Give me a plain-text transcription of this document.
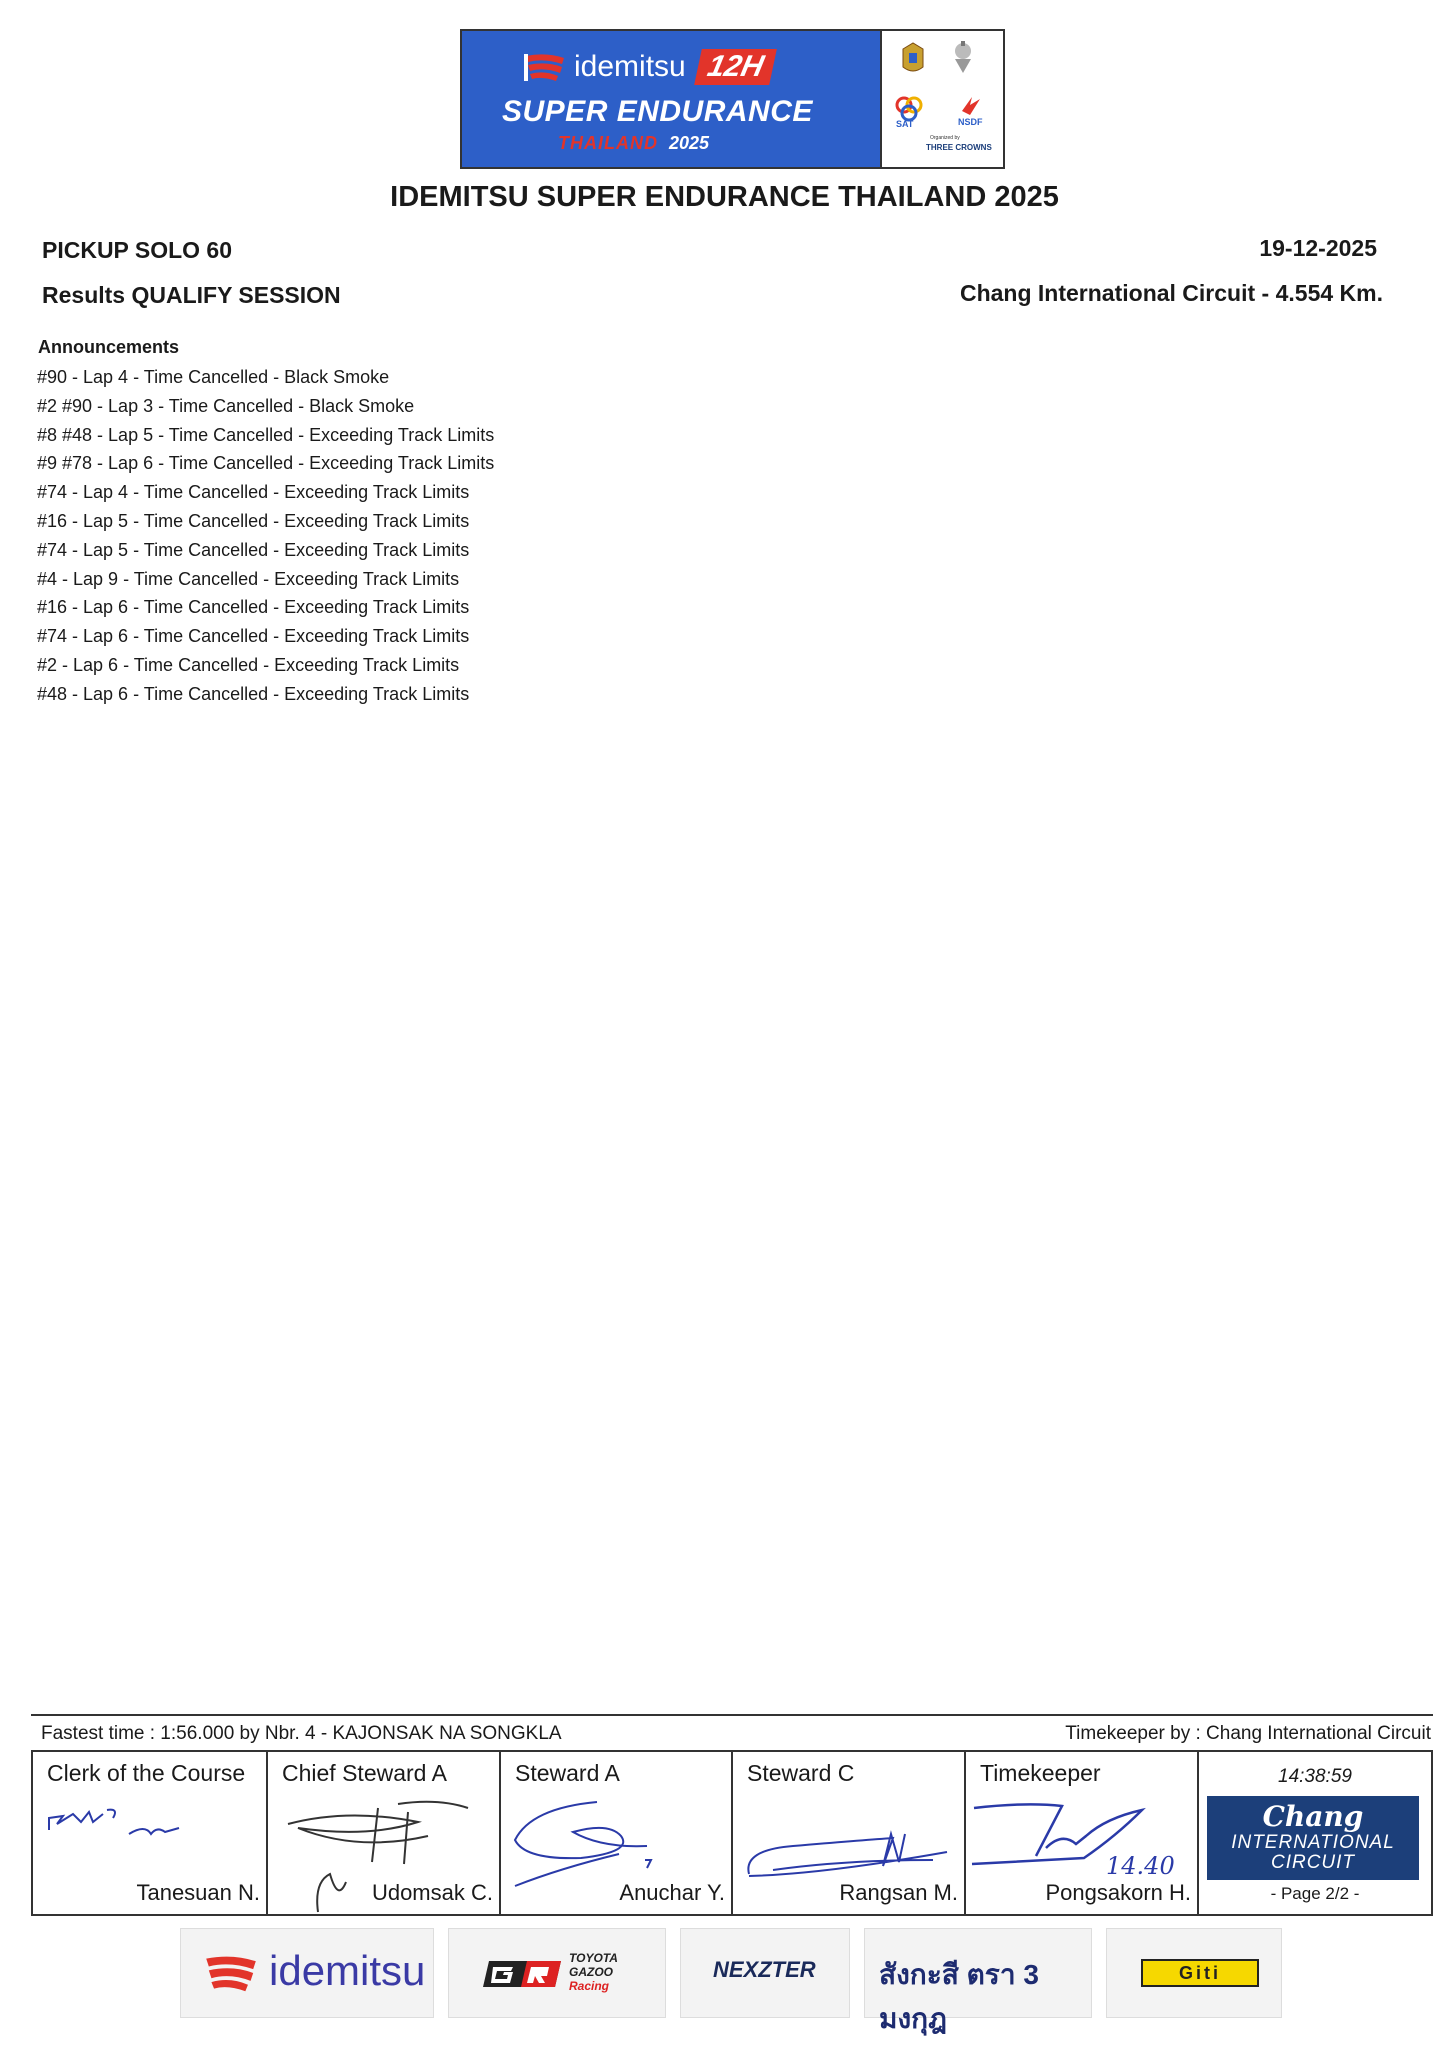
idemitsu 12H
SUPER ENDURANCE
THAILAND 2025
SAT	NSDF
Organized by
THREE CROWNS
IDEMITSU SUPER ENDURANCE THAILAND 2025
PICKUP SOLO 60
Results QUALIFY SESSION
19-12-2025
Chang International Circuit - 4.554 Km.
Announcements
#90 - Lap 4 - Time Cancelled - Black Smoke
#2 #90 - Lap 3 - Time Cancelled - Black Smoke
#8 #48 - Lap 5 - Time Cancelled - Exceeding Track Limits
#9 #78 - Lap 6 - Time Cancelled - Exceeding Track Limits
#74 - Lap 4 - Time Cancelled - Exceeding Track Limits
#16 - Lap 5 - Time Cancelled - Exceeding Track Limits
#74 - Lap 5 - Time Cancelled - Exceeding Track Limits
#4 - Lap 9 - Time Cancelled - Exceeding Track Limits
#16 - Lap 6 - Time Cancelled - Exceeding Track Limits
#74 - Lap 6 - Time Cancelled - Exceeding Track Limits
#2 - Lap 6 - Time Cancelled - Exceeding Track Limits
#48 - Lap 6 - Time Cancelled - Exceeding Track Limits
Fastest time : 1:56.000 by Nbr. 4 - KAJONSAK NA SONGKLA	Timekeeper by : Chang International Circuit
Clerk of the Course
Tanesuan N.
Chief Steward A
Udomsak C.
Steward A
Anuchar Y.
Steward C
Rangsan M.
Timekeeper
14.40
Pongsakorn H.
14:38:59
Chang
INTERNATIONAL
CIRCUIT
- Page 2/2 -
idemitsu	TOYOTA
GAZOO
Racing
NEXZTER สังกะสี ตรา 3 มงกุฎ
Giti
